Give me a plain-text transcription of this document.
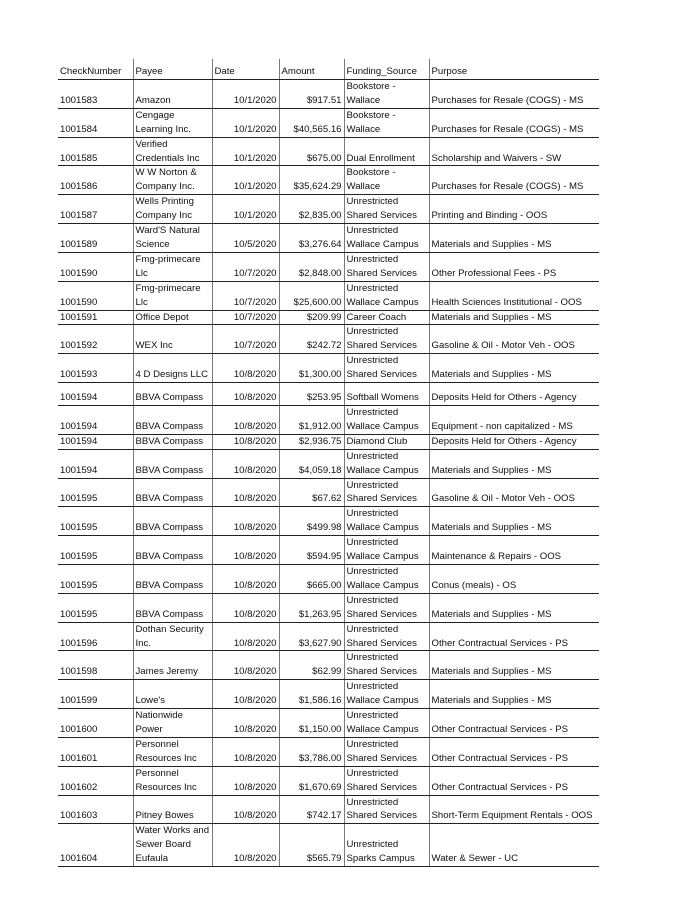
CheckNumber	Payee	Date	Amount	Funding_Source	Purpose
1001583	Amazon	10/1/2020	$917.51	Bookstore - Wallace	Purchases for Resale (COGS) - MS
1001584	Cengage Learning Inc.	10/1/2020	$40,565.16	Bookstore - Wallace	Purchases for Resale (COGS) - MS
1001585	Verified Credentials Inc	10/1/2020	$675.00	Dual Enrollment	Scholarship and Waivers - SW
1001586	W W Norton & Company Inc.	10/1/2020	$35,624.29	Bookstore - Wallace	Purchases for Resale (COGS) - MS
1001587	Wells Printing Company Inc	10/1/2020	$2,835.00	Unrestricted Shared Services	Printing and Binding - OOS
1001589	Ward'S Natural Science	10/5/2020	$3,276.64	Unrestricted Wallace Campus	Materials and Supplies - MS
1001590	Fmg-primecare Llc	10/7/2020	$2,848.00	Unrestricted Shared Services	Other Professional Fees - PS
1001590	Fmg-primecare Llc	10/7/2020	$25,600.00	Unrestricted Wallace Campus	Health Sciences Institutional - OOS
1001591	Office Depot	10/7/2020	$209.99	Career Coach	Materials and Supplies - MS
1001592	WEX Inc	10/7/2020	$242.72	Unrestricted Shared Services	Gasoline & Oil - Motor Veh - OOS
1001593	4 D Designs LLC	10/8/2020	$1,300.00	Unrestricted Shared Services	Materials and Supplies - MS
1001594	BBVA Compass	10/8/2020	$253.95	Softball Womens	Deposits Held for Others - Agency
1001594	BBVA Compass	10/8/2020	$1,912.00	Unrestricted Wallace Campus	Equipment - non capitalized - MS
1001594	BBVA Compass	10/8/2020	$2,936.75	Diamond Club	Deposits Held for Others - Agency
1001594	BBVA Compass	10/8/2020	$4,059.18	Unrestricted Wallace Campus	Materials and Supplies - MS
1001595	BBVA Compass	10/8/2020	$67.62	Unrestricted Shared Services	Gasoline & Oil - Motor Veh - OOS
1001595	BBVA Compass	10/8/2020	$499.98	Unrestricted Wallace Campus	Materials and Supplies - MS
1001595	BBVA Compass	10/8/2020	$594.95	Unrestricted Wallace Campus	Maintenance & Repairs - OOS
1001595	BBVA Compass	10/8/2020	$665.00	Unrestricted Wallace Campus	Conus (meals) - OS
1001595	BBVA Compass	10/8/2020	$1,263.95	Unrestricted Shared Services	Materials and Supplies - MS
1001596	Dothan Security Inc.	10/8/2020	$3,627.90	Unrestricted Shared Services	Other Contractual Services - PS
1001598	James Jeremy	10/8/2020	$62.99	Unrestricted Shared Services	Materials and Supplies - MS
1001599	Lowe's	10/8/2020	$1,586.16	Unrestricted Wallace Campus	Materials and Supplies - MS
1001600	Nationwide Power	10/8/2020	$1,150.00	Unrestricted Wallace Campus	Other Contractual Services - PS
1001601	Personnel Resources Inc	10/8/2020	$3,786.00	Unrestricted Shared Services	Other Contractual Services - PS
1001602	Personnel Resources Inc	10/8/2020	$1,670.69	Unrestricted Shared Services	Other Contractual Services - PS
1001603	Pitney Bowes	10/8/2020	$742.17	Unrestricted Shared Services	Short-Term Equipment Rentals - OOS
1001604	Water Works and Sewer Board Eufaula	10/8/2020	$565.79	Unrestricted Sparks Campus	Water & Sewer - UC
